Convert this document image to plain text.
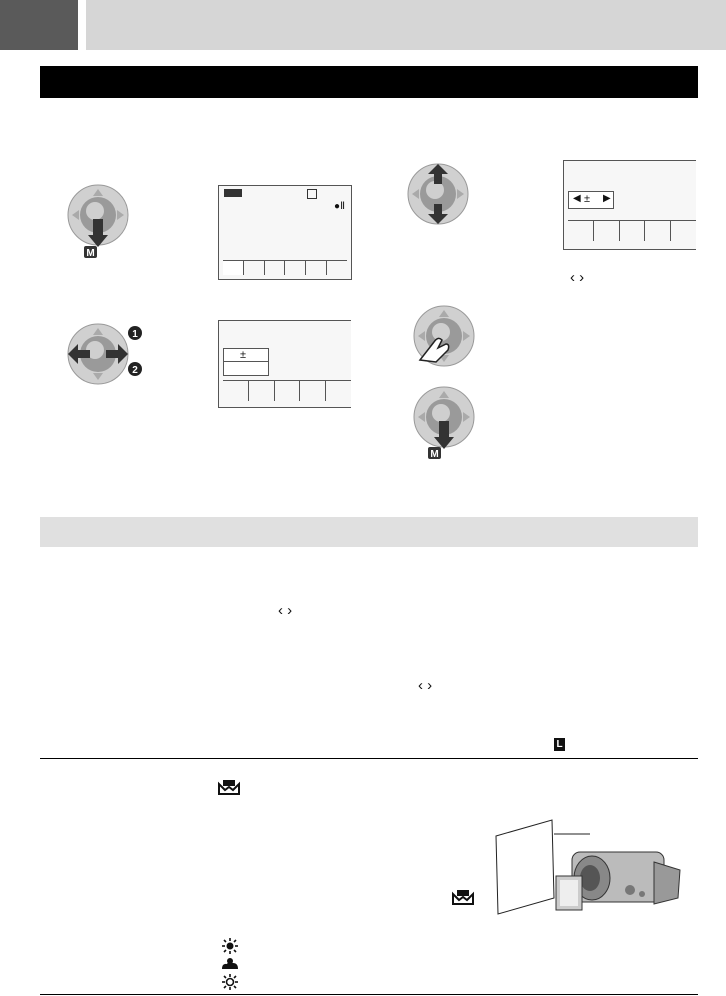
M
●Ⅱ
1
2
±
◀ ± ▶
‹ ›
M
‹ ›
‹ ›
L
